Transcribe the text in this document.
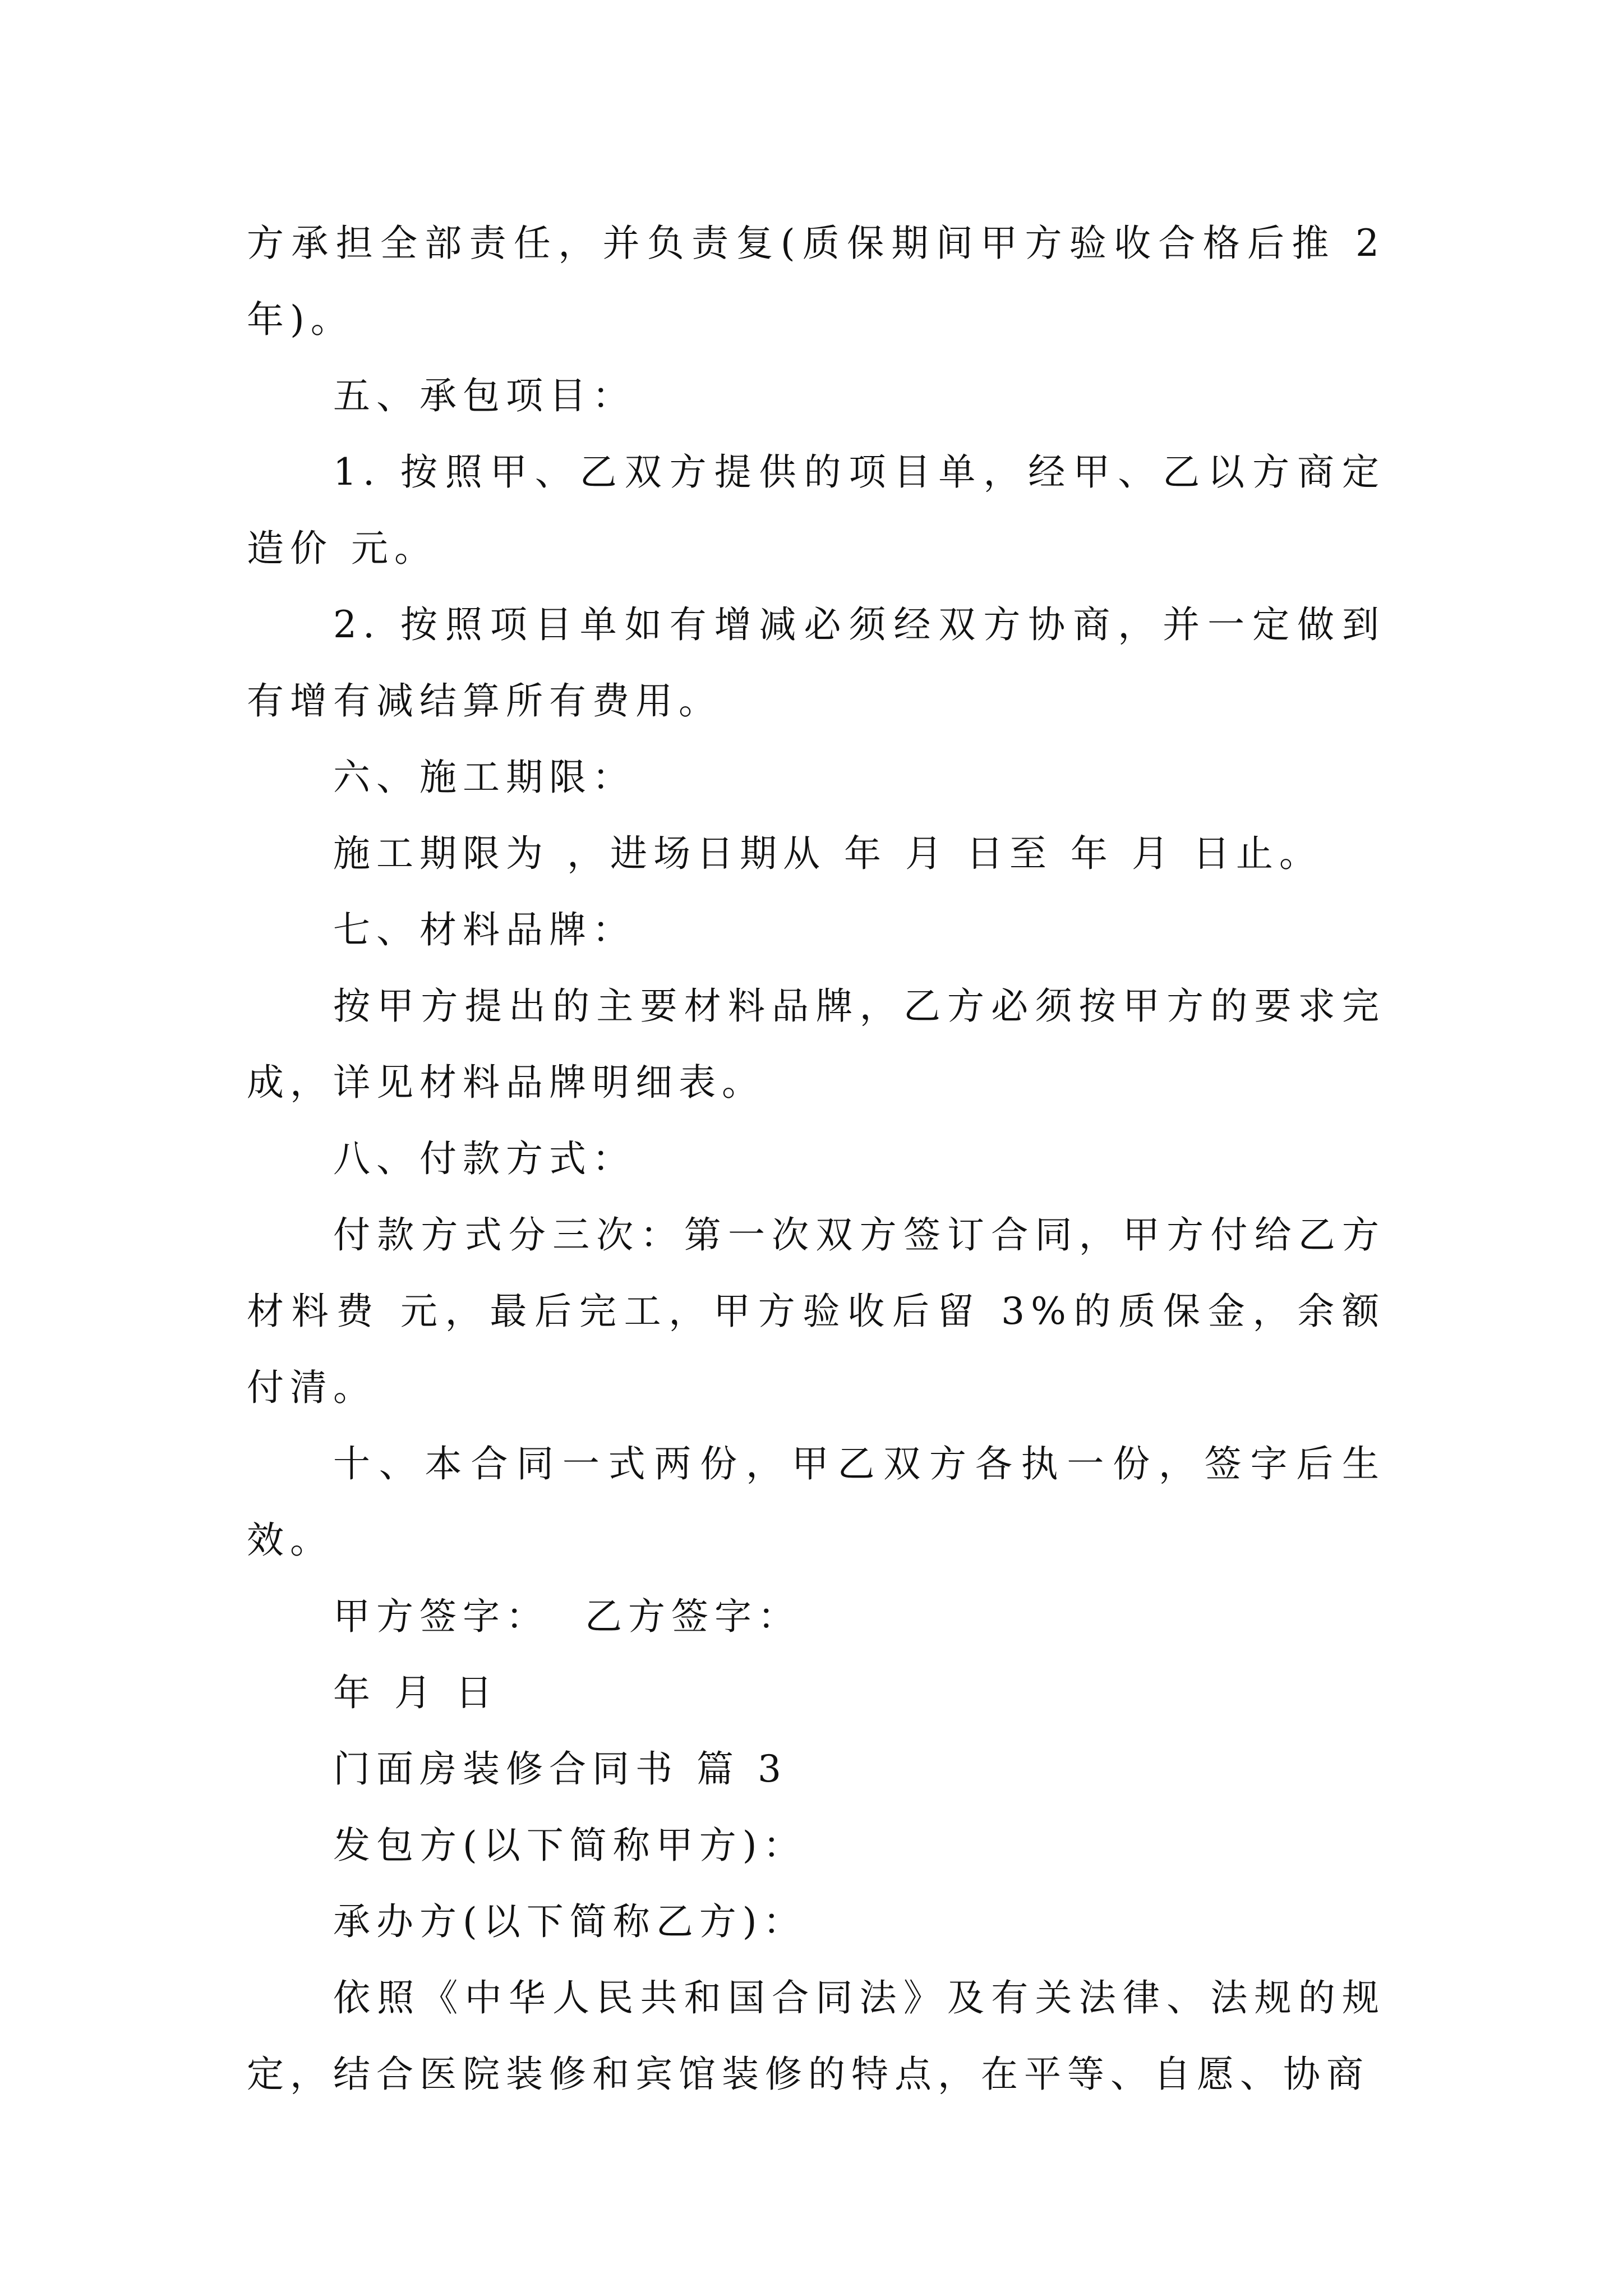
方承担全部责任，并负责复(质保期间甲方验收合格后推 2 年)。

五、承包项目：

1. 按照甲、乙双方提供的项目单，经甲、乙以方商定造价 元。

2. 按照项目单如有增减必须经双方协商，并一定做到有增有减结算所有费用。

六、施工期限：

施工期限为 ，进场日期从 年 月 日至 年 月 日止。

七、材料品牌：

按甲方提出的主要材料品牌，乙方必须按甲方的要求完成，详见材料品牌明细表。

八、付款方式：

付款方式分三次：第一次双方签订合同，甲方付给乙方材料费 元，最后完工，甲方验收后留 3%的质保金，余额付清。

十、本合同一式两份，甲乙双方各执一份，签字后生效。

甲方签字：  乙方签字：

年 月 日

门面房装修合同书 篇 3

发包方(以下简称甲方)：

承办方(以下简称乙方)：

依照《中华人民共和国合同法》及有关法律、法规的规定，结合医院装修和宾馆装修的特点，在平等、自愿、协商
